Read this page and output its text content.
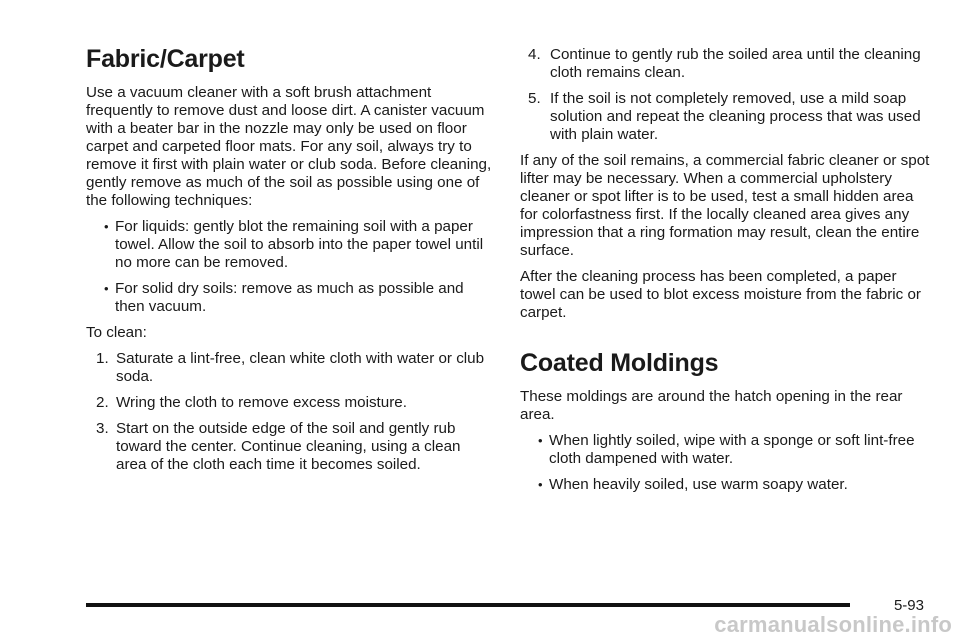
Fabric/Carpet

Use a vacuum cleaner with a soft brush attachment frequently to remove dust and loose dirt. A canister vacuum with a beater bar in the nozzle may only be used on floor carpet and carpeted floor mats. For any soil, always try to remove it first with plain water or club soda. Before cleaning, gently remove as much of the soil as possible using one of the following techniques:

• For liquids: gently blot the remaining soil with a paper towel. Allow the soil to absorb into the paper towel until no more can be removed.
• For solid dry soils: remove as much as possible and then vacuum.

To clean:

1. Saturate a lint-free, clean white cloth with water or club soda.
2. Wring the cloth to remove excess moisture.
3. Start on the outside edge of the soil and gently rub toward the center. Continue cleaning, using a clean area of the cloth each time it becomes soiled.
4. Continue to gently rub the soiled area until the cleaning cloth remains clean.
5. If the soil is not completely removed, use a mild soap solution and repeat the cleaning process that was used with plain water.

If any of the soil remains, a commercial fabric cleaner or spot lifter may be necessary. When a commercial upholstery cleaner or spot lifter is to be used, test a small hidden area for colorfastness first. If the locally cleaned area gives any impression that a ring formation may result, clean the entire surface.

After the cleaning process has been completed, a paper towel can be used to blot excess moisture from the fabric or carpet.

Coated Moldings

These moldings are around the hatch opening in the rear area.

• When lightly soiled, wipe with a sponge or soft lint-free cloth dampened with water.
• When heavily soiled, use warm soapy water.
5-93
carmanualsonline.info
